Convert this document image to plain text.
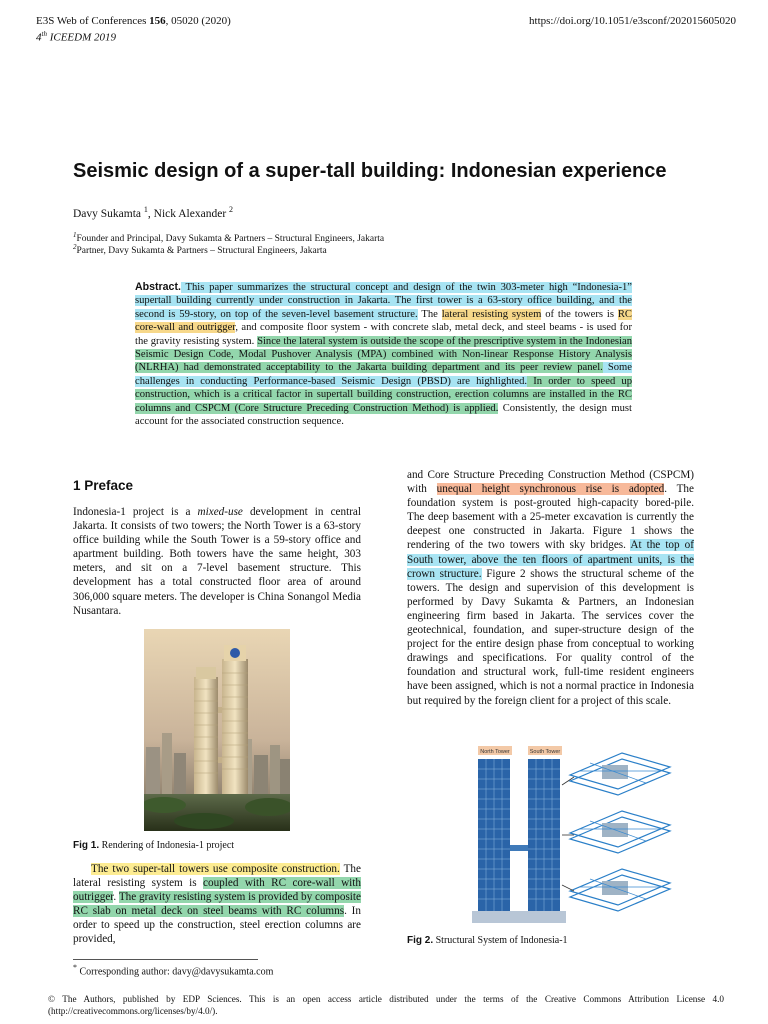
E3S Web of Conferences 156, 05020 (2020)
4th ICEEDM 2019
https://doi.org/10.1051/e3sconf/202015605020
Seismic design of a super-tall building: Indonesian experience
Davy Sukamta $^1$, Nick Alexander $^2$
$^1$Founder and Principal, Davy Sukamta & Partners – Structural Engineers, Jakarta
$^2$Partner, Davy Sukamta & Partners – Structural Engineers, Jakarta
Abstract. This paper summarizes the structural concept and design of the twin 303-meter high “Indonesia-1” supertall building currently under construction in Jakarta. The first tower is a 63-story office building, and the second is 59-story, on top of the seven-level basement structure. The lateral resisting system of the towers is RC core-wall and outrigger, and composite floor system - with concrete slab, metal deck, and steel beams - is used for the gravity resisting system. Since the lateral system is outside the scope of the prescriptive system in the Indonesian Seismic Design Code, Modal Pushover Analysis (MPA) combined with Non-linear Response History Analysis (NLRHA) had demonstrated acceptability to the Jakarta building department and its peer review panel. Some challenges in conducting Performance-based Seismic Design (PBSD) are highlighted. In order to speed up construction, which is a critical factor in supertall building construction, erection columns are installed in the RC columns and CSPCM (Core Structure Preceding Construction Method) is applied. Consistently, the design must account for the associated construction sequence.
1 Preface
Indonesia-1 project is a mixed-use development in central Jakarta. It consists of two towers; the North Tower is a 63-story office building while the South Tower is a 59-story office and apartment building. Both towers have the same height, 303 meters, and sit on a 7-level basement structure. This development has a total constructed floor area of around 306,000 square meters. The developer is China Sonangol Media Nusantara.
Fig 1. Rendering of Indonesia-1 project
The two super-tall towers use composite construction. The lateral resisting system is coupled with RC core-wall with outrigger. The gravity resisting system is provided by composite RC slab on metal deck on steel beams with RC columns. In order to speed up the construction, steel erection columns are provided,
and Core Structure Preceding Construction Method (CSPCM) with unequal height synchronous rise is adopted. The foundation system is post-grouted high-capacity bored-pile. The deep basement with a 25-meter excavation is currently the deepest one constructed in Jakarta. Figure 1 shows the rendering of the two towers with sky bridges. At the top of South tower, above the ten floors of apartment units, is the crown structure. Figure 2 shows the structural scheme of the towers. The design and supervision of this development is performed by Davy Sukamta & Partners, an Indonesian engineering firm based in Jakarta. The services cover the geotechnical, foundation, and super-structure design of the project for the entire design phase from conceptual to working drawings and specifications. For quality control of the foundation and structural work, full-time resident engineers have been assigned, which is not a normal practice in Indonesia but required by the foreign client for a project of this scale.
North Tower	South Tower
Fig 2. Structural System of Indonesia-1
* Corresponding author: davy@davysukamta.com
© The Authors, published by EDP Sciences. This is an open access article distributed under the terms of the Creative Commons Attribution License 4.0 (http://creativecommons.org/licenses/by/4.0/).
